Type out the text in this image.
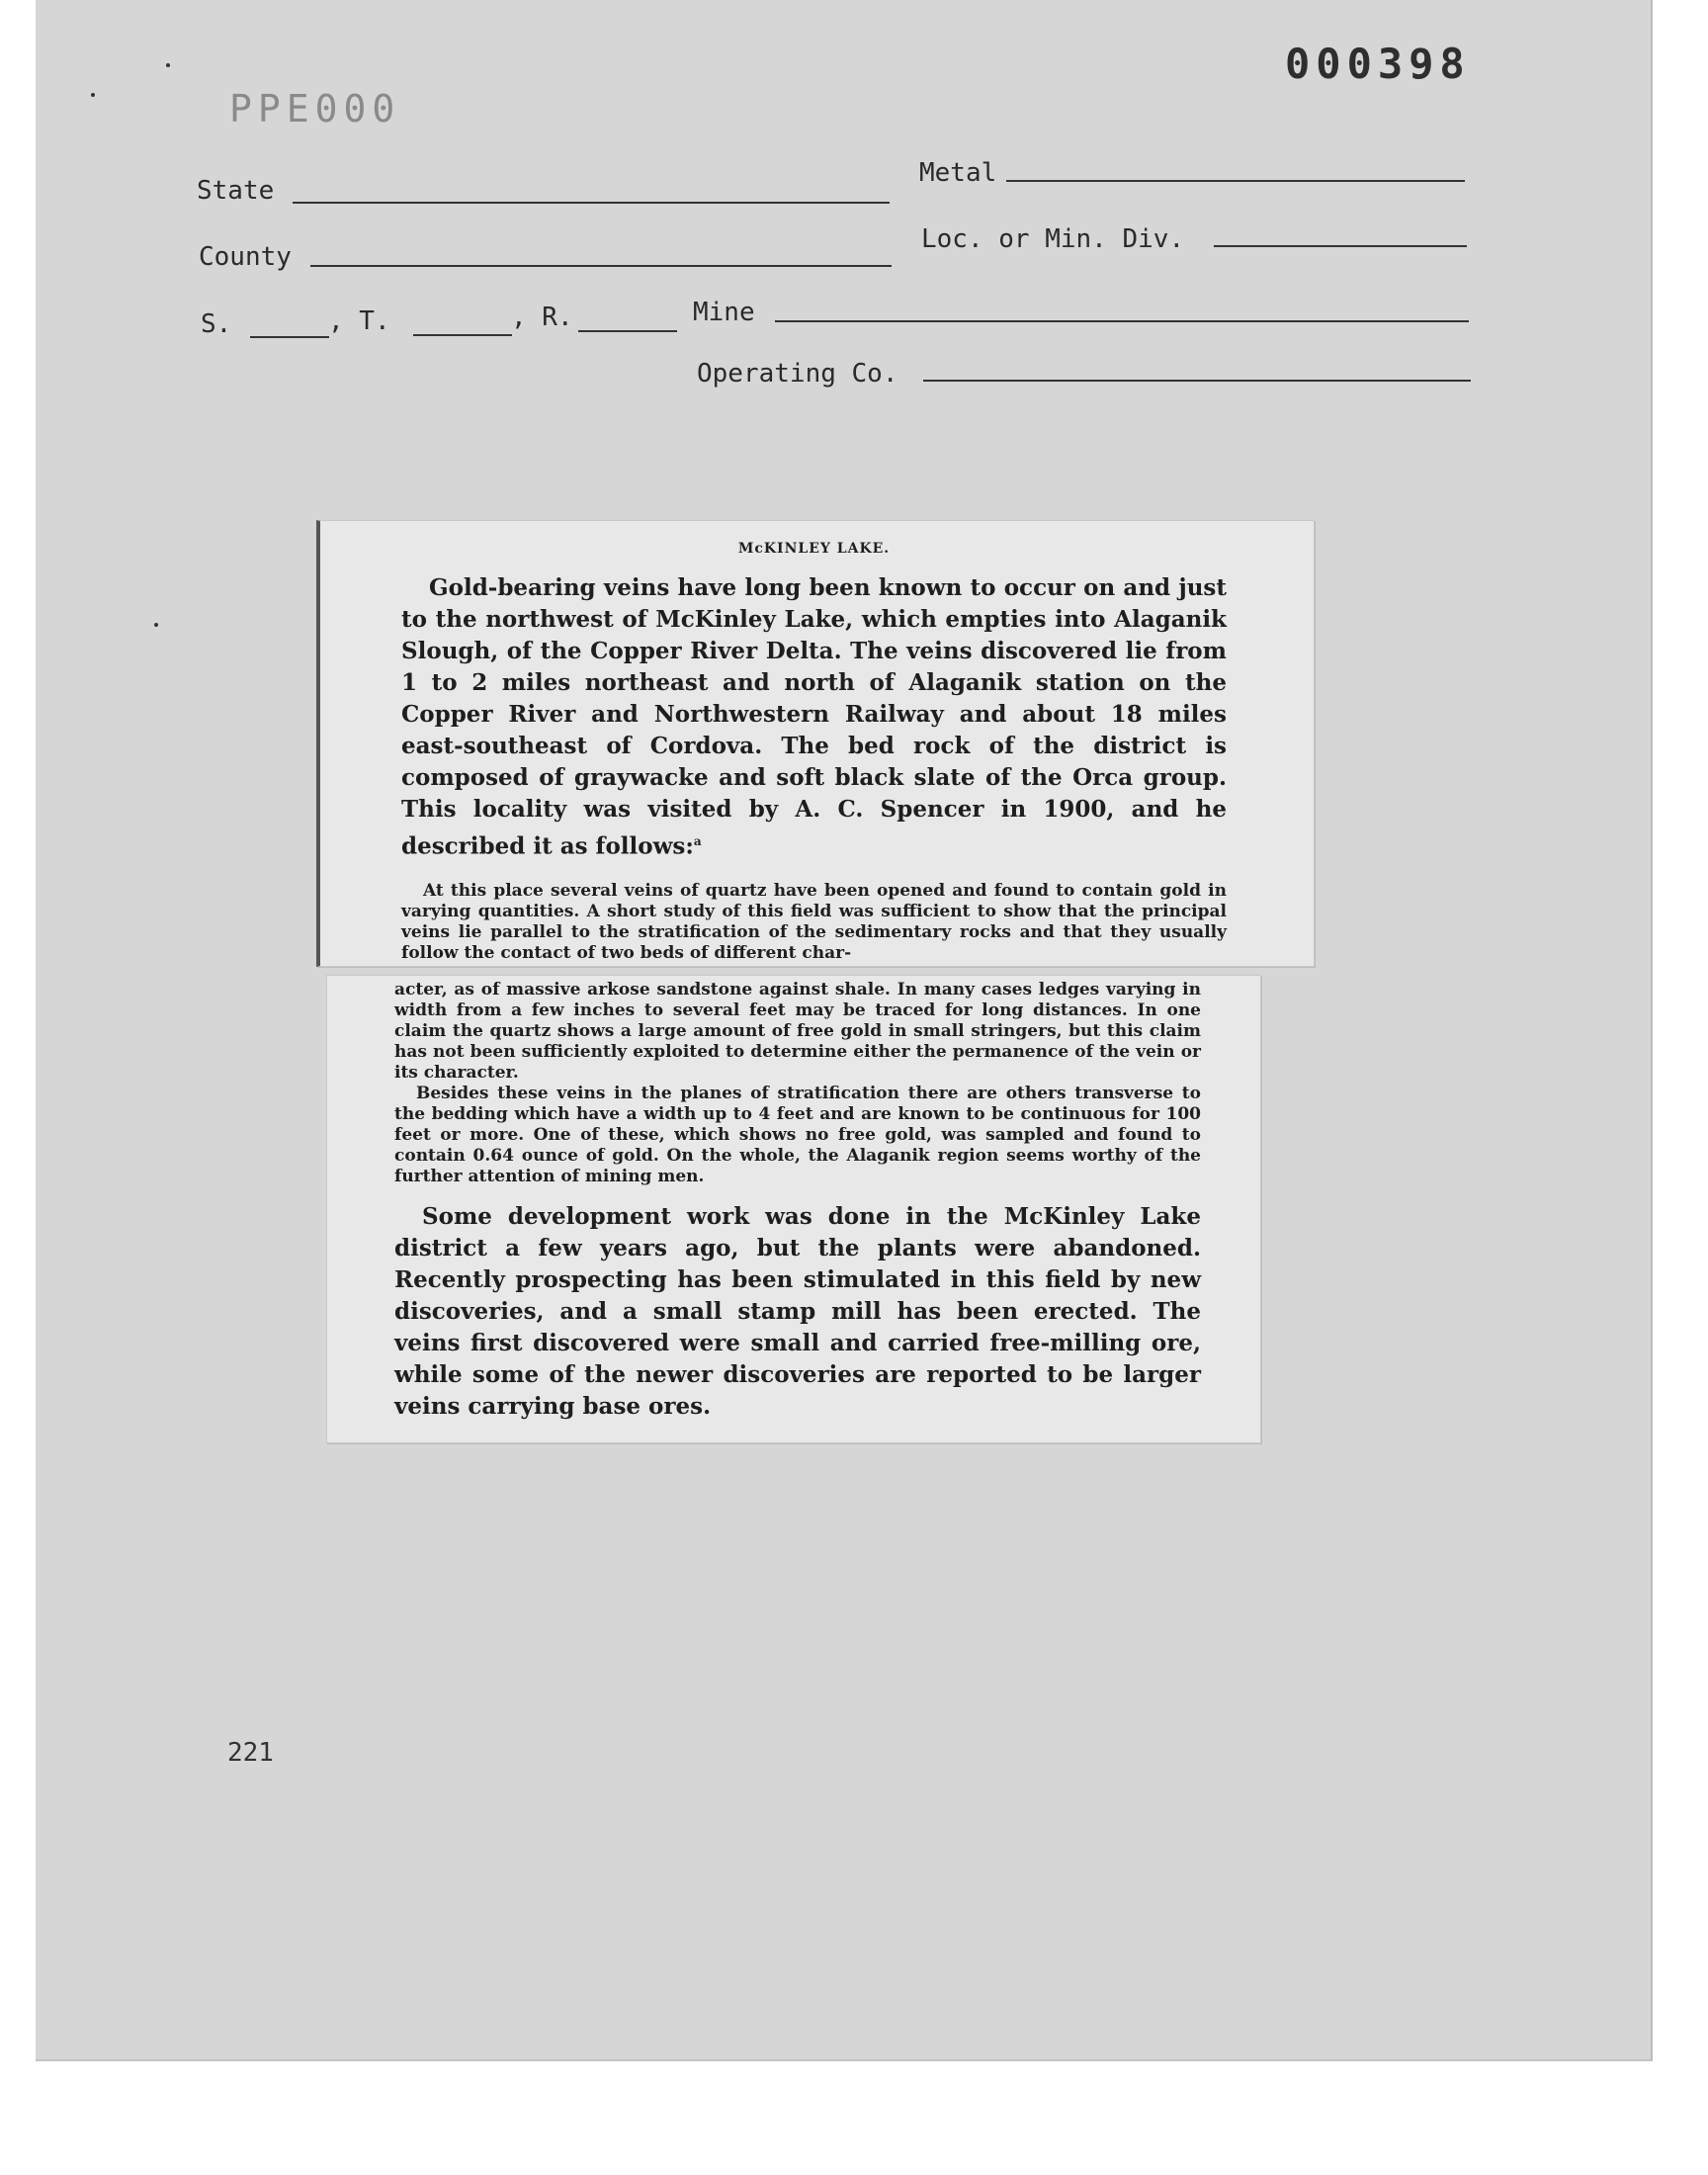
PPE000
000398
State
Metal
County
Loc. or Min. Div.
S.	, T.	, R.	Mine
Operating Co.
McKINLEY LAKE.

Gold-bearing veins have long been known to occur on and just to the northwest of McKinley Lake, which empties into Alaganik Slough, of the Copper River Delta. The veins discovered lie from 1 to 2 miles northeast and north of Alaganik station on the Copper River and Northwestern Railway and about 18 miles east-southeast of Cordova. The bed rock of the district is composed of graywacke and soft black slate of the Orca group. This locality was visited by A. C. Spencer in 1900, and he described it as follows:$^a$

At this place several veins of quartz have been opened and found to contain gold in varying quantities. A short study of this field was sufficient to show that the principal veins lie parallel to the stratification of the sedimentary rocks and that they usually follow the contact of two beds of different char-

acter, as of massive arkose sandstone against shale. In many cases ledges varying in width from a few inches to several feet may be traced for long distances. In one claim the quartz shows a large amount of free gold in small stringers, but this claim has not been sufficiently exploited to determine either the permanence of the vein or its character.

Besides these veins in the planes of stratification there are others transverse to the bedding which have a width up to 4 feet and are known to be continuous for 100 feet or more. One of these, which shows no free gold, was sampled and found to contain 0.64 ounce of gold. On the whole, the Alaganik region seems worthy of the further attention of mining men.

Some development work was done in the McKinley Lake district a few years ago, but the plants were abandoned. Recently prospecting has been stimulated in this field by new discoveries, and a small stamp mill has been erected. The veins first discovered were small and carried free-milling ore, while some of the newer discoveries are reported to be larger veins carrying base ores.

221
